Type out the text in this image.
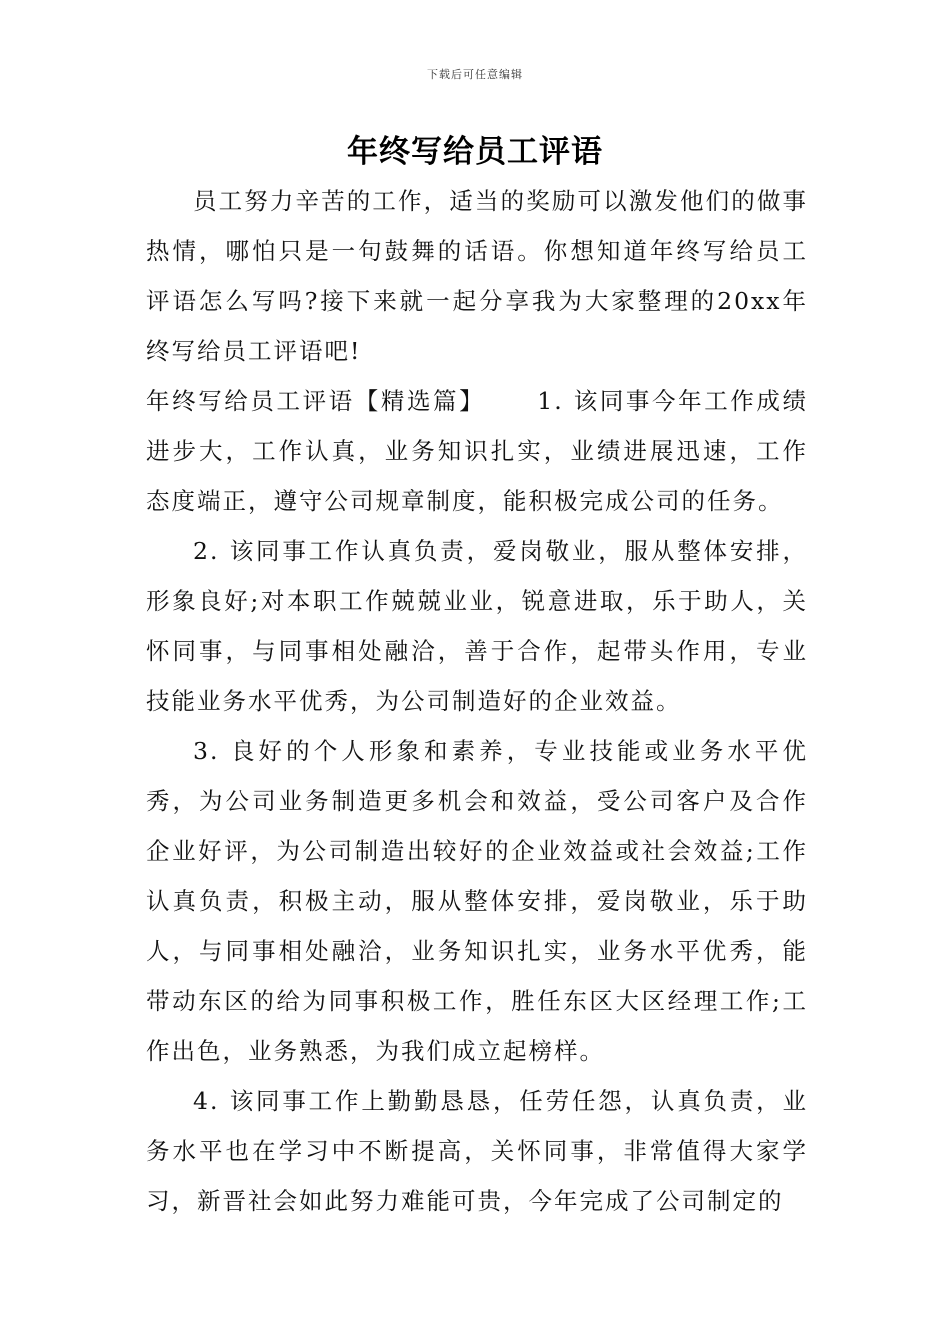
下载后可任意编辑
年终写给员工评语

员工努力辛苦的工作，适当的奖励可以激发他们的做事热情，哪怕只是一句鼓舞的话语。你想知道年终写给员工评语怎么写吗?接下来就一起分享我为大家整理的20xx年终写给员工评语吧!

年终写给员工评语【精选篇】 1. 该同事今年工作成绩进步大，工作认真，业务知识扎实，业绩进展迅速，工作态度端正，遵守公司规章制度，能积极完成公司的任务。

2. 该同事工作认真负责，爱岗敬业，服从整体安排，形象良好;对本职工作兢兢业业，锐意进取，乐于助人，关怀同事，与同事相处融洽，善于合作，起带头作用，专业技能业务水平优秀，为公司制造好的企业效益。

3. 良好的个人形象和素养，专业技能或业务水平优秀，为公司业务制造更多机会和效益，受公司客户及合作企业好评，为公司制造出较好的企业效益或社会效益;工作认真负责，积极主动，服从整体安排，爱岗敬业，乐于助人，与同事相处融洽，业务知识扎实，业务水平优秀，能带动东区的给为同事积极工作，胜任东区大区经理工作;工作出色，业务熟悉，为我们成立起榜样。

4. 该同事工作上勤勤恳恳，任劳任怨，认真负责，业务水平也在学习中不断提高，关怀同事，非常值得大家学习，新晋社会如此努力难能可贵，今年完成了公司制定的
